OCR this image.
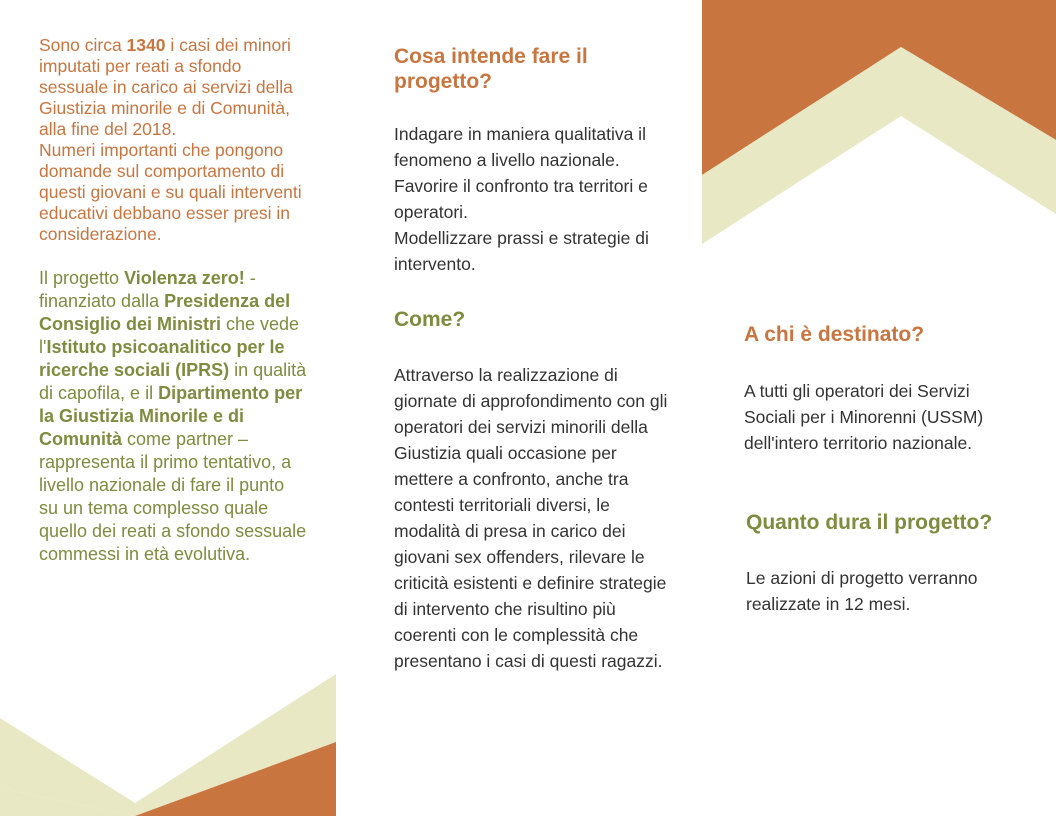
Sono circa 1340 i casi dei minori imputati per reati a sfondo sessuale in carico ai servizi della Giustizia minorile e di Comunità, alla fine del 2018.
Numeri importanti che pongono domande sul comportamento di questi giovani e su quali interventi educativi debbano esser presi in considerazione.

Il progetto Violenza zero! - finanziato dalla Presidenza del Consiglio dei Ministri che vede l'Istituto psicoanalitico per le ricerche sociali (IPRS) in qualità di capofila, e il Dipartimento per la Giustizia Minorile e di Comunità come partner – rappresenta il primo tentativo, a livello nazionale di fare il punto su un tema complesso quale quello dei reati a sfondo sessuale commessi in età evolutiva.

Cosa intende fare il progetto?

Indagare in maniera qualitativa il fenomeno a livello nazionale.
Favorire il confronto tra territori e operatori.
Modellizzare prassi e strategie di intervento.

Come?

Attraverso la realizzazione di giornate di approfondimento con gli operatori dei servizi minorili della Giustizia quali occasione per mettere a confronto, anche tra contesti territoriali diversi, le modalità di presa in carico dei giovani sex offenders, rilevare le criticità esistenti e definire strategie di intervento che risultino più coerenti con le complessità che presentano i casi di questi ragazzi.

A chi è destinato?

A tutti gli operatori dei Servizi Sociali per i Minorenni (USSM) dell'intero territorio nazionale.

Quanto dura il progetto?

Le azioni di progetto verranno realizzate in 12 mesi.
